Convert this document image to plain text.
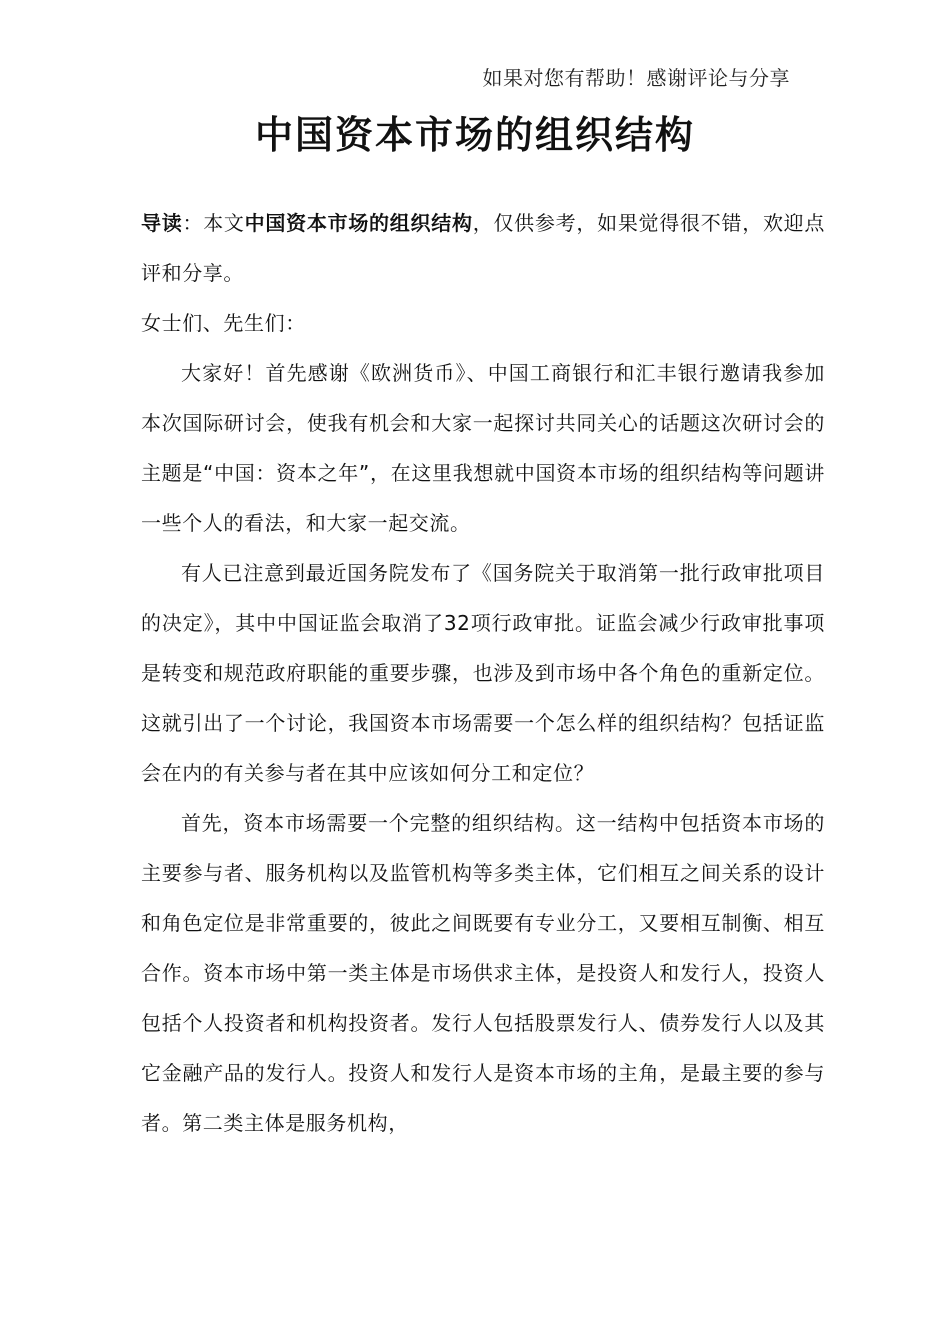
如果对您有帮助！感谢评论与分享
中国资本市场的组织结构

导读：本文中国资本市场的组织结构，仅供参考，如果觉得很不错，欢迎点评和分享。

女士们、先生们：

大家好！首先感谢《欧洲货币》、中国工商银行和汇丰银行邀请我参加本次国际研讨会，使我有机会和大家一起探讨共同关心的话题这次研讨会的主题是“中国：资本之年”，在这里我想就中国资本市场的组织结构等问题讲一些个人的看法，和大家一起交流。

有人已注意到最近国务院发布了《国务院关于取消第一批行政审批项目的决定》，其中中国证监会取消了32项行政审批。证监会减少行政审批事项是转变和规范政府职能的重要步骤，也涉及到市场中各个角色的重新定位。这就引出了一个讨论，我国资本市场需要一个怎么样的组织结构？包括证监会在内的有关参与者在其中应该如何分工和定位？

首先，资本市场需要一个完整的组织结构。这一结构中包括资本市场的主要参与者、服务机构以及监管机构等多类主体，它们相互之间关系的设计和角色定位是非常重要的，彼此之间既要有专业分工，又要相互制衡、相互合作。资本市场中第一类主体是市场供求主体，是投资人和发行人，投资人包括个人投资者和机构投资者。发行人包括股票发行人、债券发行人以及其它金融产品的发行人。投资人和发行人是资本市场的主角，是最主要的参与者。第二类主体是服务机构，
